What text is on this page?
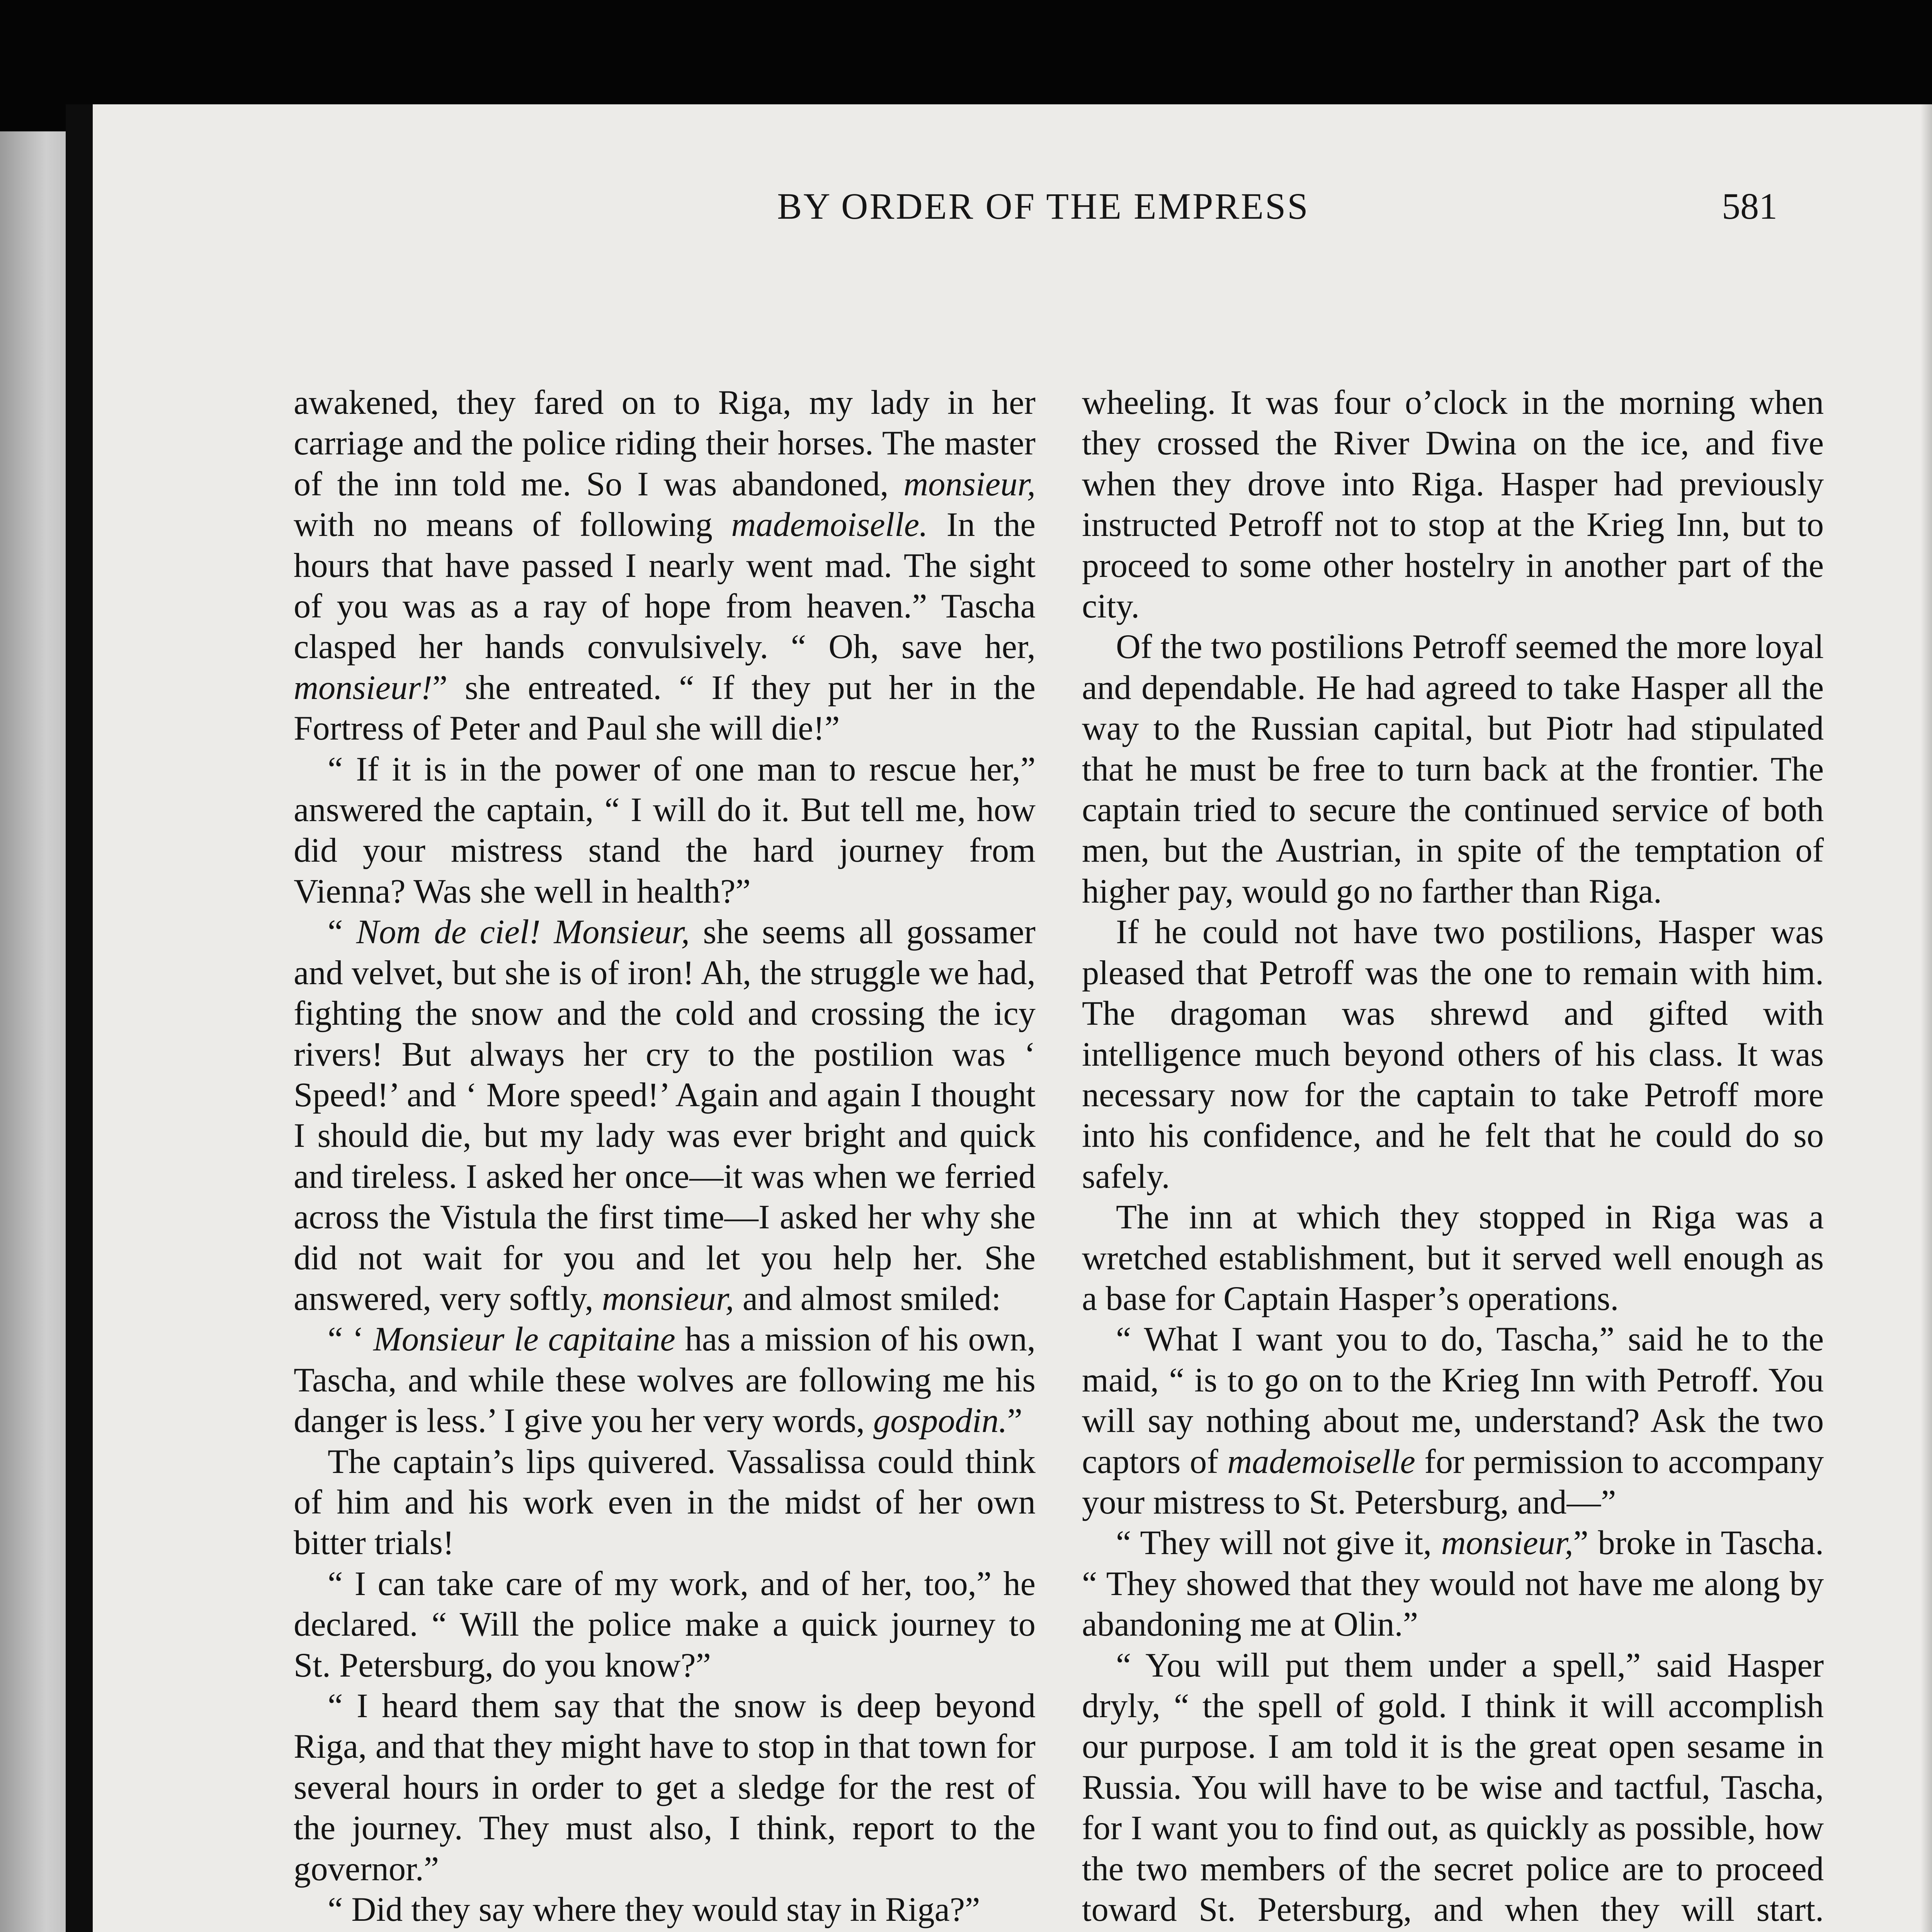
BY ORDER OF THE EMPRESS	581

awakened, they fared on to Riga, my lady in her carriage and the police riding their horses. The master of the inn told me. So I was abandoned, monsieur, with no means of following mademoiselle. In the hours that have passed I nearly went mad. The sight of you was as a ray of hope from heaven.” Tascha clasped her hands convulsively. “ Oh, save her, monsieur!” she entreated. “ If they put her in the Fortress of Peter and Paul she will die!”

“ If it is in the power of one man to rescue her,” answered the captain, “ I will do it. But tell me, how did your mistress stand the hard journey from Vienna? Was she well in health?”

“ Nom de ciel! Monsieur, she seems all gossamer and velvet, but she is of iron! Ah, the struggle we had, fighting the snow and the cold and crossing the icy rivers! But always her cry to the postilion was ‘ Speed!’ and ‘ More speed!’ Again and again I thought I should die, but my lady was ever bright and quick and tireless. I asked her once—it was when we ferried across the Vistula the first time—I asked her why she did not wait for you and let you help her. She answered, very softly, monsieur, and almost smiled:

“ ‘ Monsieur le capitaine has a mission of his own, Tascha, and while these wolves are following me his danger is less.’ I give you her very words, gospodin.”

The captain’s lips quivered. Vassalissa could think of him and his work even in the midst of her own bitter trials!

“ I can take care of my work, and of her, too,” he declared. “ Will the police make a quick journey to St. Petersburg, do you know?”

“ I heard them say that the snow is deep beyond Riga, and that they might have to stop in that town for several hours in order to get a sledge for the rest of the journey. They must also, I think, report to the governor.”

“ Did they say where they would stay in Riga?”

wheeling. It was four o’clock in the morning when they crossed the River Dwina on the ice, and five when they drove into Riga. Hasper had previously instructed Petroff not to stop at the Krieg Inn, but to proceed to some other hostelry in another part of the city.

Of the two postilions Petroff seemed the more loyal and dependable. He had agreed to take Hasper all the way to the Russian capital, but Piotr had stipulated that he must be free to turn back at the frontier. The captain tried to secure the continued service of both men, but the Austrian, in spite of the temptation of higher pay, would go no farther than Riga.

If he could not have two postilions, Hasper was pleased that Petroff was the one to remain with him. The dragoman was shrewd and gifted with intelligence much beyond others of his class. It was necessary now for the captain to take Petroff more into his confidence, and he felt that he could do so safely.

The inn at which they stopped in Riga was a wretched establishment, but it served well enough as a base for Captain Hasper’s operations.

“ What I want you to do, Tascha,” said he to the maid, “ is to go on to the Krieg Inn with Petroff. You will say nothing about me, understand? Ask the two captors of mademoiselle for permission to accompany your mistress to St. Petersburg, and—”

“ They will not give it, monsieur,” broke in Tascha. “ They showed that they would not have me along by abandoning me at Olin.”

“ You will put them under a spell,” said Hasper dryly, “ the spell of gold. I think it will accomplish our purpose. I am told it is the great open sesame in Russia. You will have to be wise and tactful, Tascha, for I want you to find out, as quickly as possible, how the two members of the secret police are to proceed toward St. Petersburg, and when they will start.
